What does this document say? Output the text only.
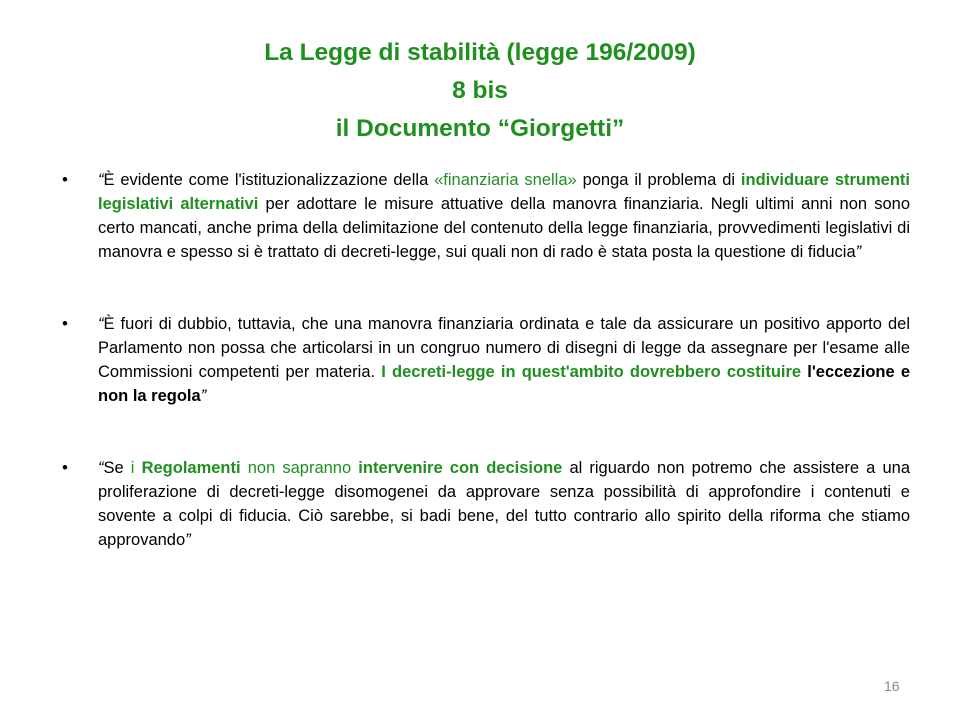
La Legge di stabilità (legge 196/2009)
8 bis
il Documento “Giorgetti”
• “È evidente come l'istituzionalizzazione della «finanziaria snella» ponga il problema di individuare strumenti legislativi alternativi per adottare le misure attuative della manovra finanziaria. Negli ultimi anni non sono certo mancati, anche prima della delimitazione del contenuto della legge finanziaria, provvedimenti legislativi di manovra e spesso si è trattato di decreti-legge, sui quali non di rado è stata posta la questione di fiducia”

• “È fuori di dubbio, tuttavia, che una manovra finanziaria ordinata e tale da assicurare un positivo apporto del Parlamento non possa che articolarsi in un congruo numero di disegni di legge da assegnare per l'esame alle Commissioni competenti per materia. I decreti-legge in quest'ambito dovrebbero costituire l'eccezione e non la regola”

• “Se i Regolamenti non sapranno intervenire con decisione al riguardo non potremo che assistere a una proliferazione di decreti-legge disomogenei da approvare senza possibilità di approfondire i contenuti e sovente a colpi di fiducia. Ciò sarebbe, si badi bene, del tutto contrario allo spirito della riforma che stiamo approvando”

16
